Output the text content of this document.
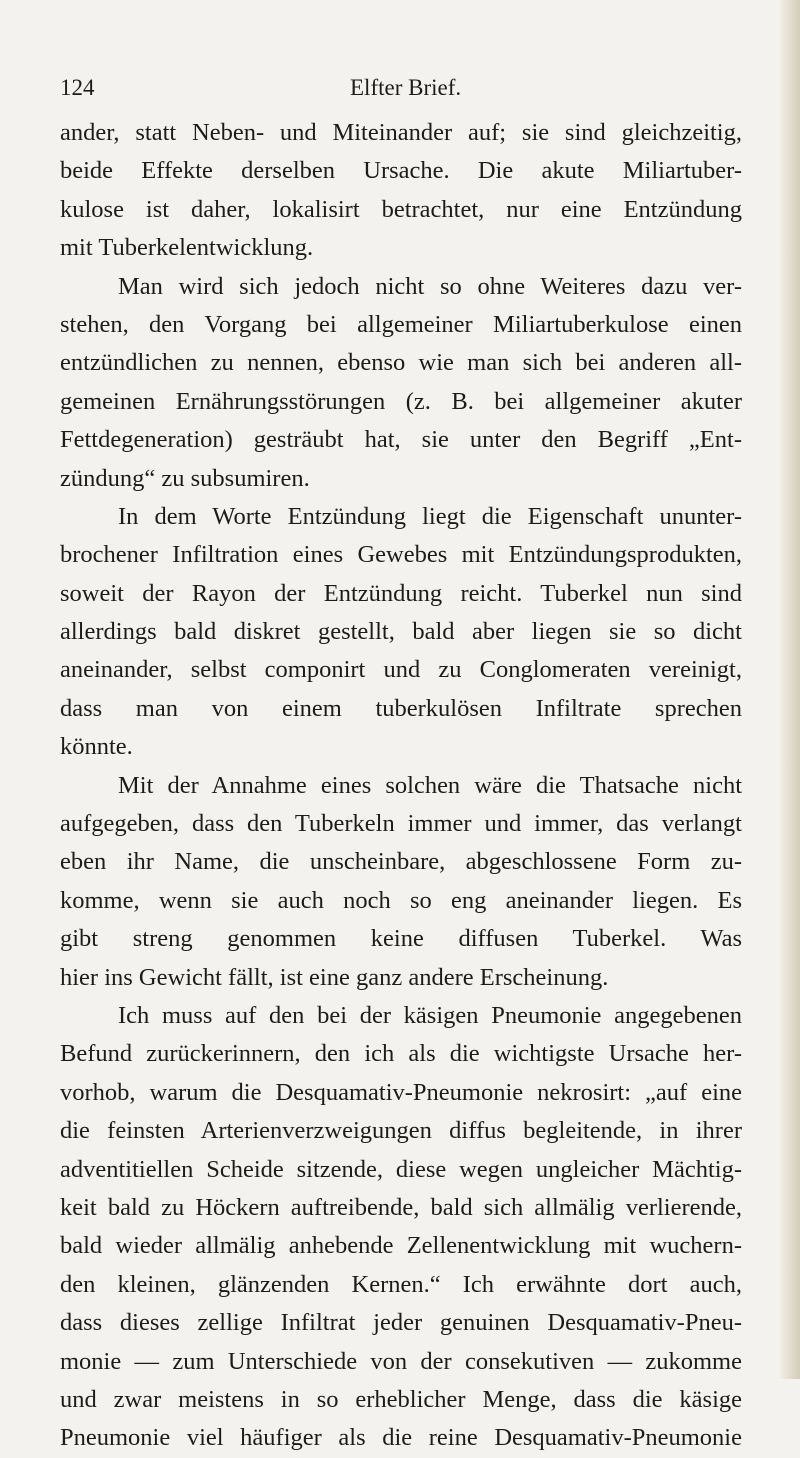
124	Elfter Brief.
ander, statt Neben- und Miteinander auf; sie sind gleichzeitig,
beide Effekte derselben Ursache. Die akute Miliartuber-
kulose ist daher, lokalisirt betrachtet, nur eine Entzündung
mit Tuberkelentwicklung.
Man wird sich jedoch nicht so ohne Weiteres dazu ver-
stehen, den Vorgang bei allgemeiner Miliartuberkulose einen
entzündlichen zu nennen, ebenso wie man sich bei anderen all-
gemeinen Ernährungsstörungen (z. B. bei allgemeiner akuter
Fettdegeneration) gesträubt hat, sie unter den Begriff „Ent-
zündung“ zu subsumiren.
In dem Worte Entzündung liegt die Eigenschaft ununter-
brochener Infiltration eines Gewebes mit Entzündungsprodukten,
soweit der Rayon der Entzündung reicht. Tuberkel nun sind
allerdings bald diskret gestellt, bald aber liegen sie so dicht
aneinander, selbst componirt und zu Conglomeraten vereinigt,
dass man von einem tuberkulösen Infiltrate sprechen
könnte.
Mit der Annahme eines solchen wäre die Thatsache nicht
aufgegeben, dass den Tuberkeln immer und immer, das verlangt
eben ihr Name, die unscheinbare, abgeschlossene Form zu-
komme, wenn sie auch noch so eng aneinander liegen. Es
gibt streng genommen keine diffusen Tuberkel. Was
hier ins Gewicht fällt, ist eine ganz andere Erscheinung.
Ich muss auf den bei der käsigen Pneumonie angegebenen
Befund zurückerinnern, den ich als die wichtigste Ursache her-
vorhob, warum die Desquamativ-Pneumonie nekrosirt: „auf eine
die feinsten Arterienverzweigungen diffus begleitende, in ihrer
adventitiellen Scheide sitzende, diese wegen ungleicher Mächtig-
keit bald zu Höckern auftreibende, bald sich allmälig verlierende,
bald wieder allmälig anhebende Zellenentwicklung mit wuchern-
den kleinen, glänzenden Kernen.“ Ich erwähnte dort auch,
dass dieses zellige Infiltrat jeder genuinen Desquamativ-Pneu-
monie — zum Unterschiede von der consekutiven — zukomme
und zwar meistens in so erheblicher Menge, dass die käsige
Pneumonie viel häufiger als die reine Desquamativ-Pneumonie
